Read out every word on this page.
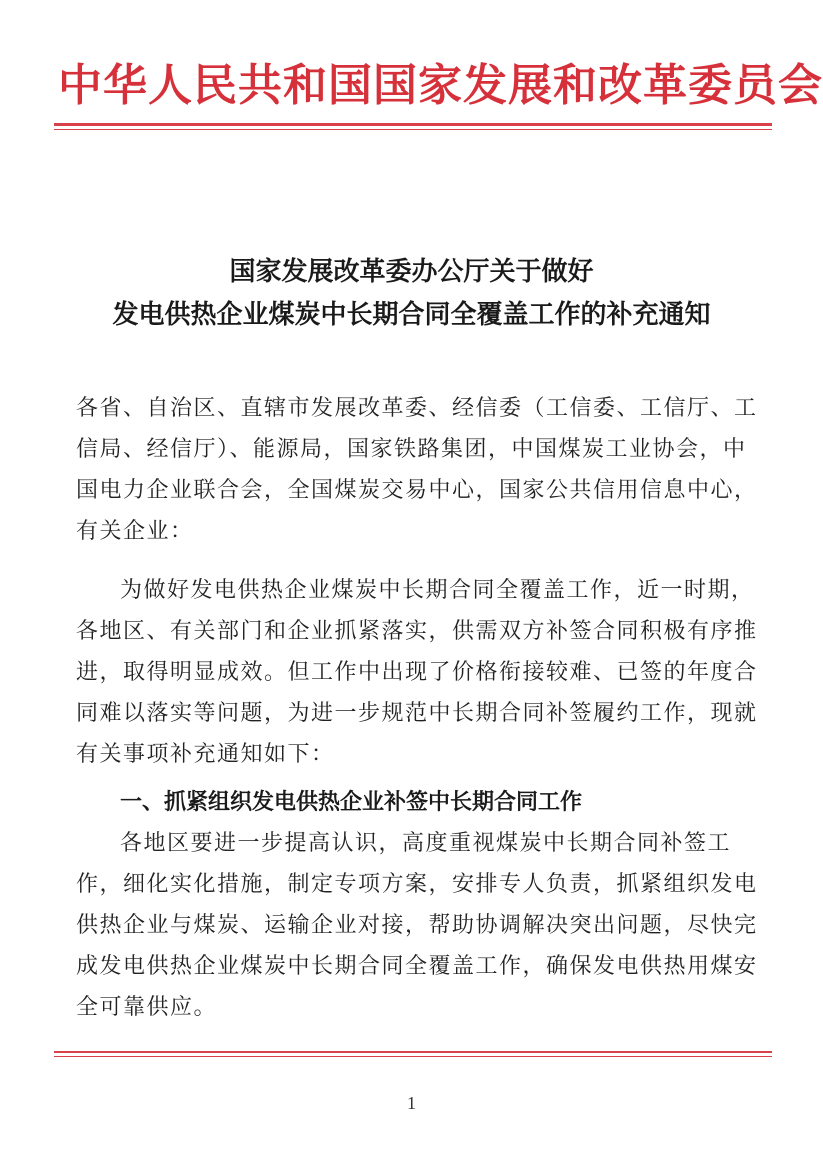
中华人民共和国国家发展和改革委员会
国家发展改革委办公厅关于做好
发电供热企业煤炭中长期合同全覆盖工作的补充通知
各省、自治区、直辖市发展改革委、经信委（工信委、工信厅、工
信局、经信厅）、能源局，国家铁路集团，中国煤炭工业协会，中
国电力企业联合会，全国煤炭交易中心，国家公共信用信息中心，
有关企业：
为做好发电供热企业煤炭中长期合同全覆盖工作，近一时期，
各地区、有关部门和企业抓紧落实，供需双方补签合同积极有序推
进，取得明显成效。但工作中出现了价格衔接较难、已签的年度合
同难以落实等问题，为进一步规范中长期合同补签履约工作，现就
有关事项补充通知如下：
一、抓紧组织发电供热企业补签中长期合同工作
各地区要进一步提高认识，高度重视煤炭中长期合同补签工
作，细化实化措施，制定专项方案，安排专人负责，抓紧组织发电
供热企业与煤炭、运输企业对接，帮助协调解决突出问题，尽快完
成发电供热企业煤炭中长期合同全覆盖工作，确保发电供热用煤安
全可靠供应。
1
